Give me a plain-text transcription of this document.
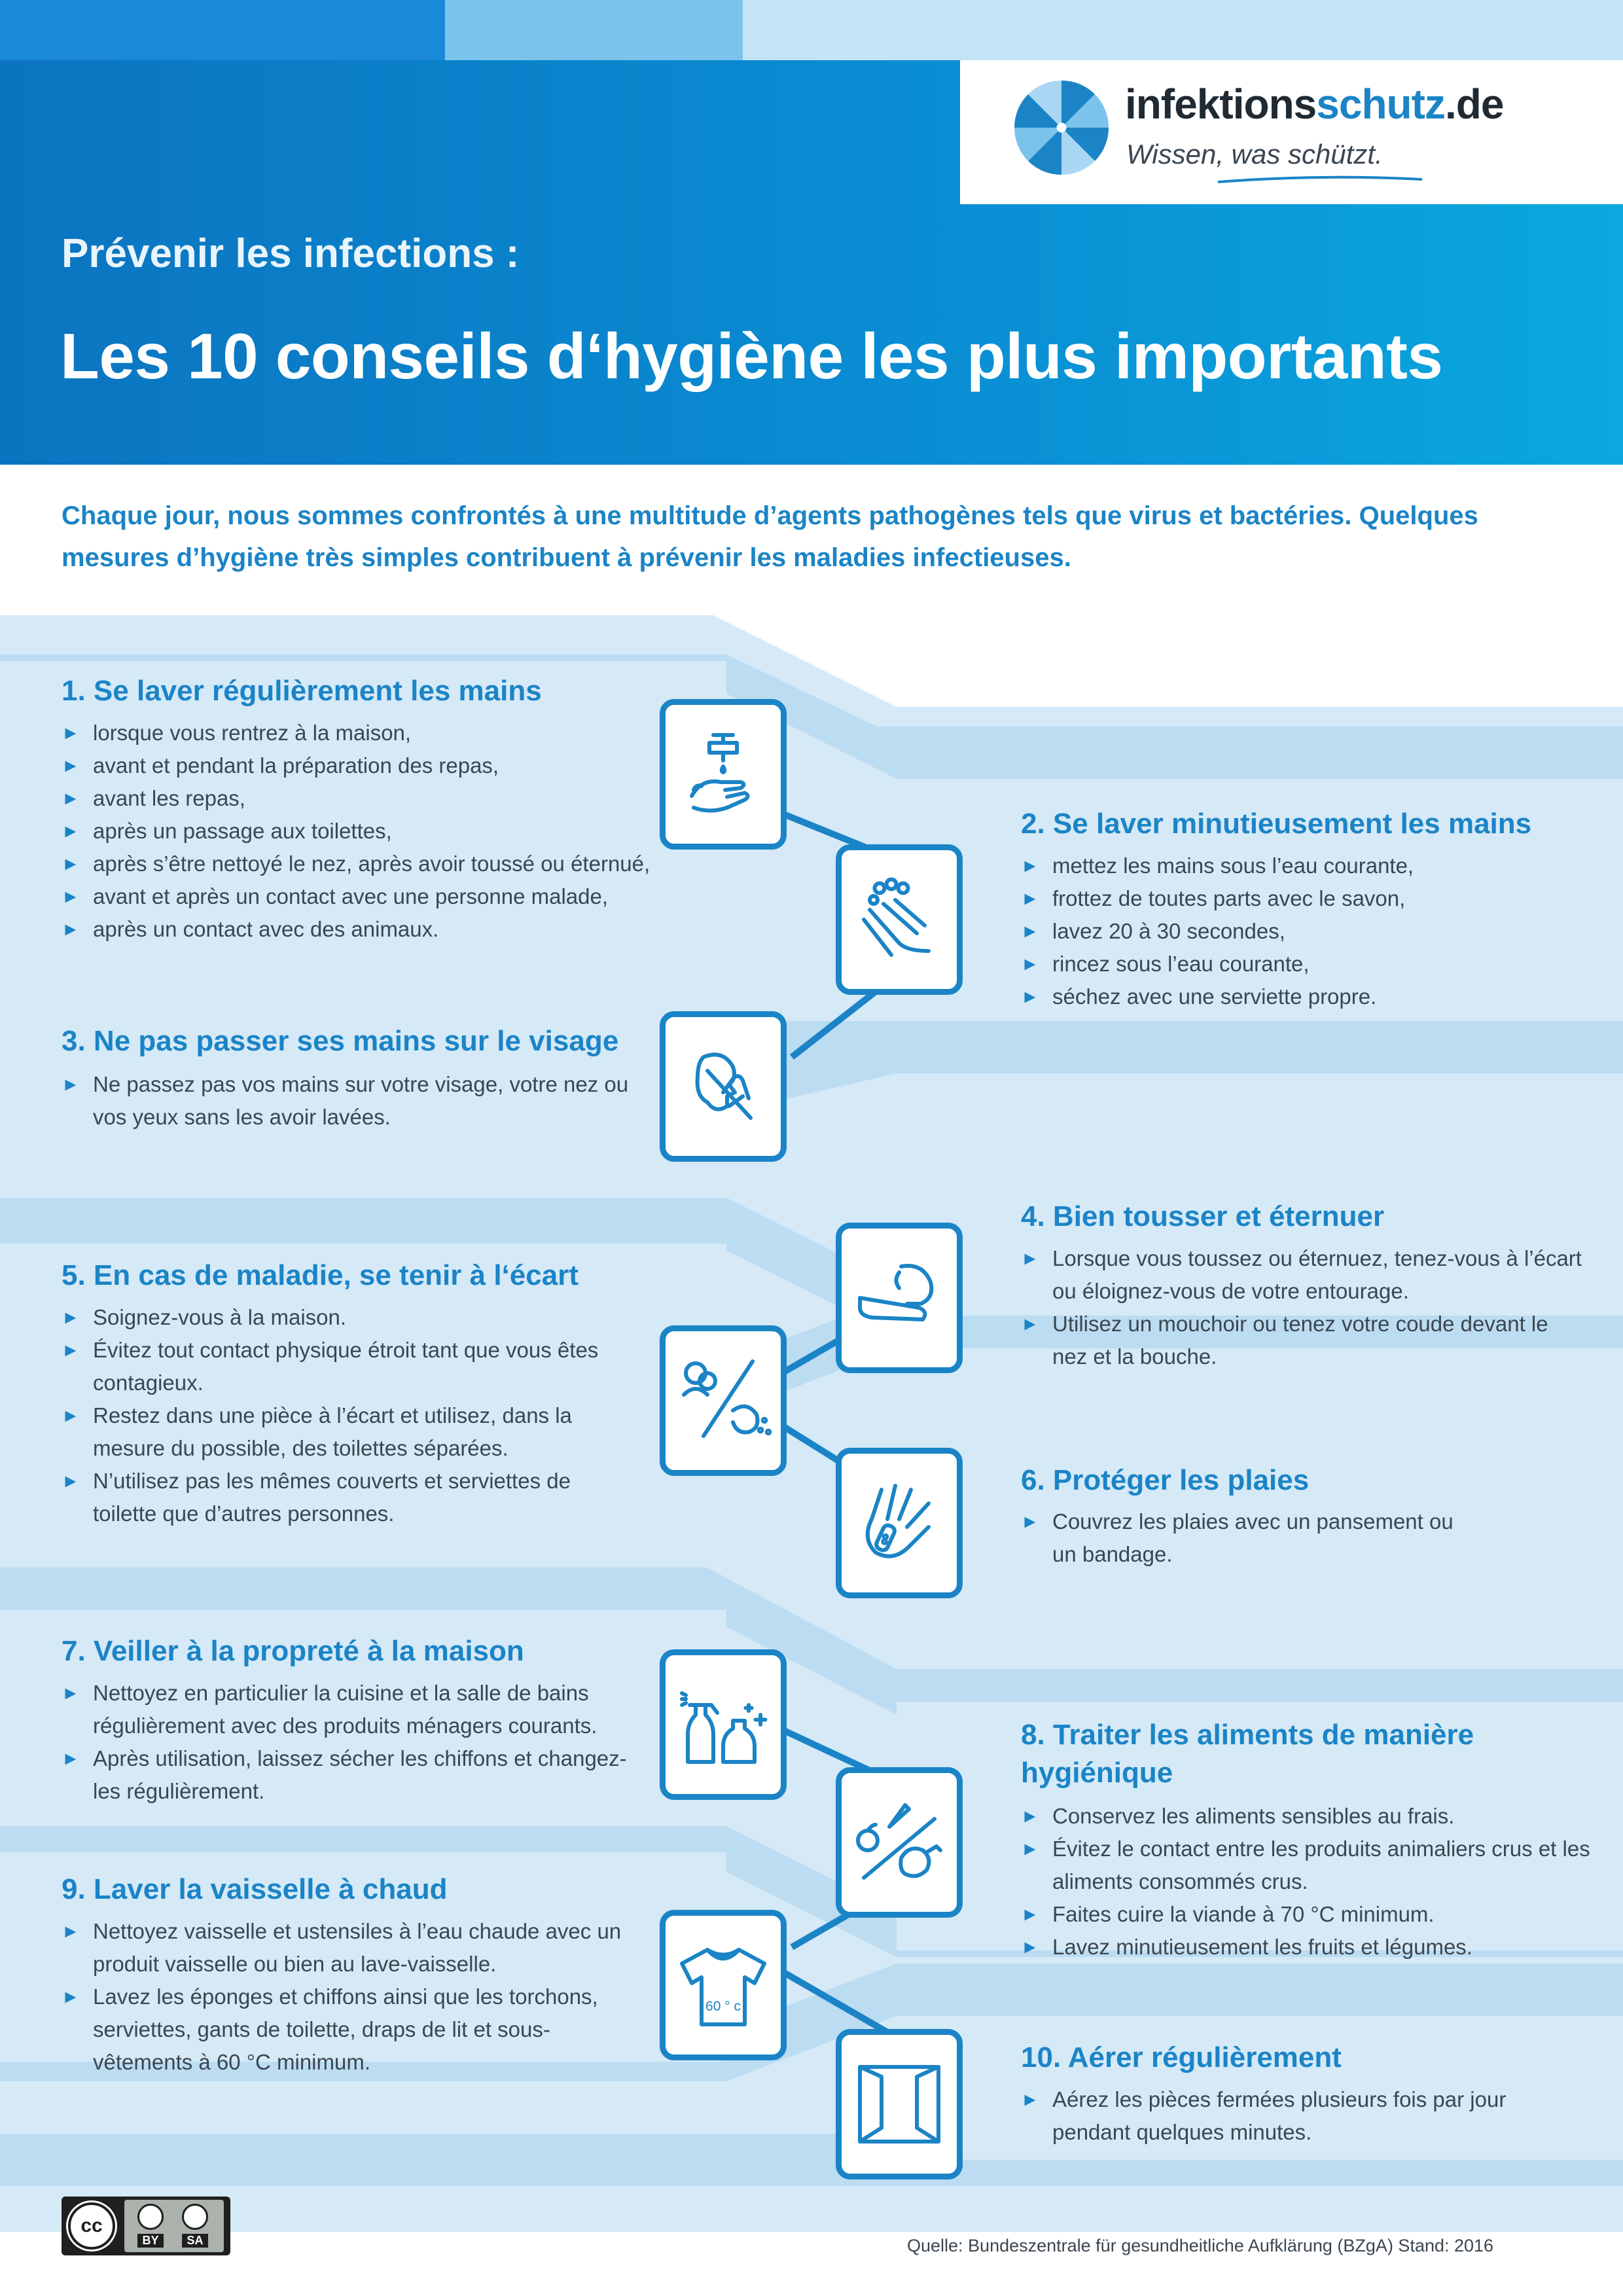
infektionsschutz.de
Wissen, was schützt.
Prévenir les infections :
Les 10 conseils d‘hygiène les plus importants
Chaque jour, nous sommes confrontés à une multitude d’agents pathogènes tels que virus et bactéries. Quelques mesures d’hygiène très simples contribuent à prévenir les maladies infectieuses.
1. Se laver régulièrement les mains
► lorsque vous rentrez à la maison,
► avant et pendant la préparation des repas,
► avant les repas,
► après un passage aux toilettes,
► après s’être nettoyé le nez, après avoir toussé ou éternué,
► avant et après un contact avec une personne malade,
► après un contact avec des animaux.
2. Se laver minutieusement les mains
► mettez les mains sous l’eau courante,
► frottez de toutes parts avec le savon,
► lavez 20 à 30 secondes,
► rincez sous l’eau courante,
► séchez avec une serviette propre.
3. Ne pas passer ses mains sur le visage
► Ne passez pas vos mains sur votre visage, votre nez ou vos yeux sans les avoir lavées.
4. Bien tousser et éternuer
► Lorsque vous toussez ou éternuez, tenez-vous à l’écart ou éloignez-vous de votre entourage.
► Utilisez un mouchoir ou tenez votre coude devant le nez et la bouche.
5. En cas de maladie, se tenir à l‘écart
► Soignez-vous à la maison.
► Évitez tout contact physique étroit tant que vous êtes contagieux.
► Restez dans une pièce à l’écart et utilisez, dans la mesure du possible, des toilettes séparées.
► N’utilisez pas les mêmes couverts et serviettes de toilette que d’autres personnes.
6. Protéger les plaies
► Couvrez les plaies avec un pansement ou un bandage.
7. Veiller à la propreté à la maison
► Nettoyez en particulier la cuisine et la salle de bains régulièrement avec des produits ménagers courants.
► Après utilisation, laissez sécher les chiffons et changez-les régulièrement.
8. Traiter les aliments de manière hygiénique
► Conservez les aliments sensibles au frais.
► Évitez le contact entre les produits animaliers crus et les aliments consommés crus.
► Faites cuire la viande à 70 °C minimum.
► Lavez minutieusement les fruits et légumes.
9. Laver la vaisselle à chaud
► Nettoyez vaisselle et ustensiles à l’eau chaude avec un produit vaisselle ou bien au lave-vaisselle.
► Lavez les éponges et chiffons ainsi que les torchons, serviettes, gants de toilette, draps de lit et sous-vêtements à 60 °C minimum.	10. Aérer régulièrement
► Aérez les pièces fermées plusieurs fois par jour pendant quelques minutes.
60 ° c
cc
BY	SA	Quelle: Bundeszentrale für gesundheitliche Aufklärung (BZgA) Stand: 2016
